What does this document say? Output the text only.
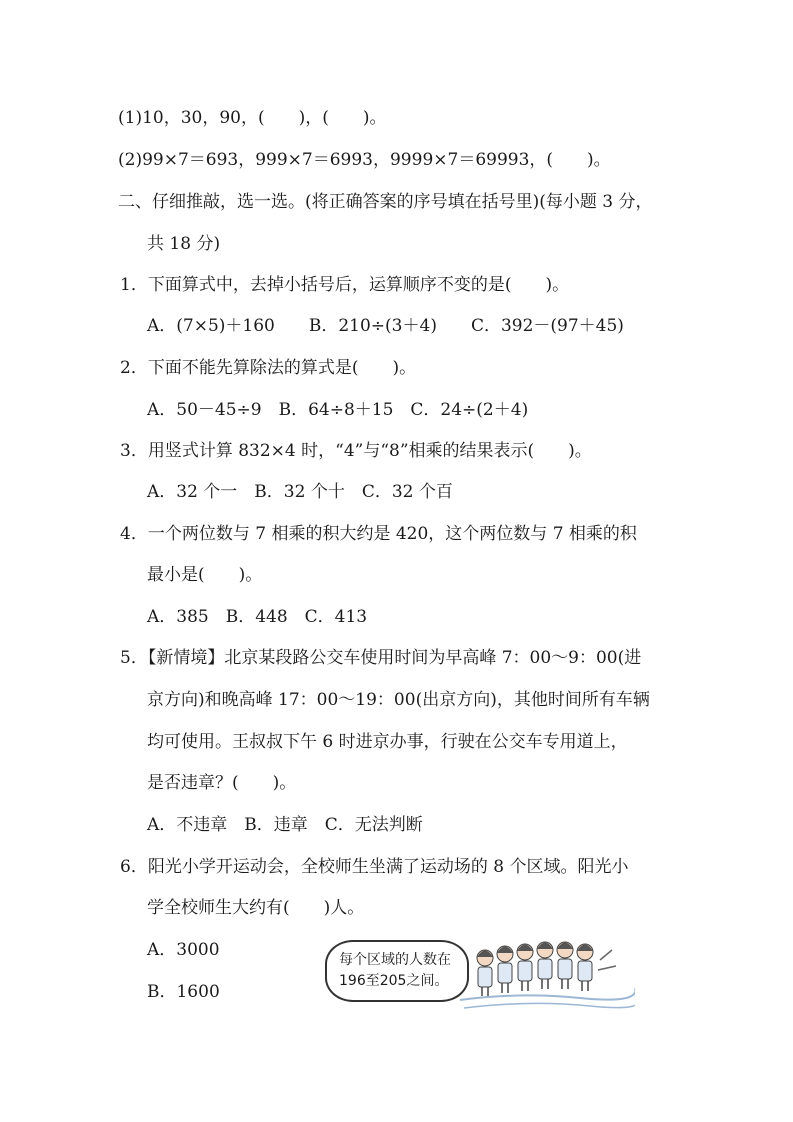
(1)10，30，90，(　　)，(　　)。
(2)99×7＝693，999×7＝6993，9999×7＝69993，(　　)。
二、仔细推敲，选一选。(将正确答案的序号填在括号里)(每小题 3 分，
共 18 分)
1．下面算式中，去掉小括号后，运算顺序不变的是(　　)。
A．(7×5)＋160　　B．210÷(3＋4)　　C．392－(97＋45)
2．下面不能先算除法的算式是(　　)。
A．50－45÷9　B．64÷8＋15　C．24÷(2＋4)
3．用竖式计算 832×4 时，“4”与“8”相乘的结果表示(　　)。
A．32 个一　B．32 个十　C．32 个百
4．一个两位数与 7 相乘的积大约是 420，这个两位数与 7 相乘的积
最小是(　　)。
A．385　B．448　C．413
5．【新情境】北京某段路公交车使用时间为早高峰 7：00～9：00(进
京方向)和晚高峰 17：00～19：00(出京方向)，其他时间所有车辆
均可使用。王叔叔下午 6 时进京办事，行驶在公交车专用道上，
是否违章？(　　)。
A．不违章　B．违章　C．无法判断
6．阳光小学开运动会，全校师生坐满了运动场的 8 个区域。阳光小
学全校师生大约有(　　)人。
A．3000
B．1600
每个区域的人数在
196至205之间。
